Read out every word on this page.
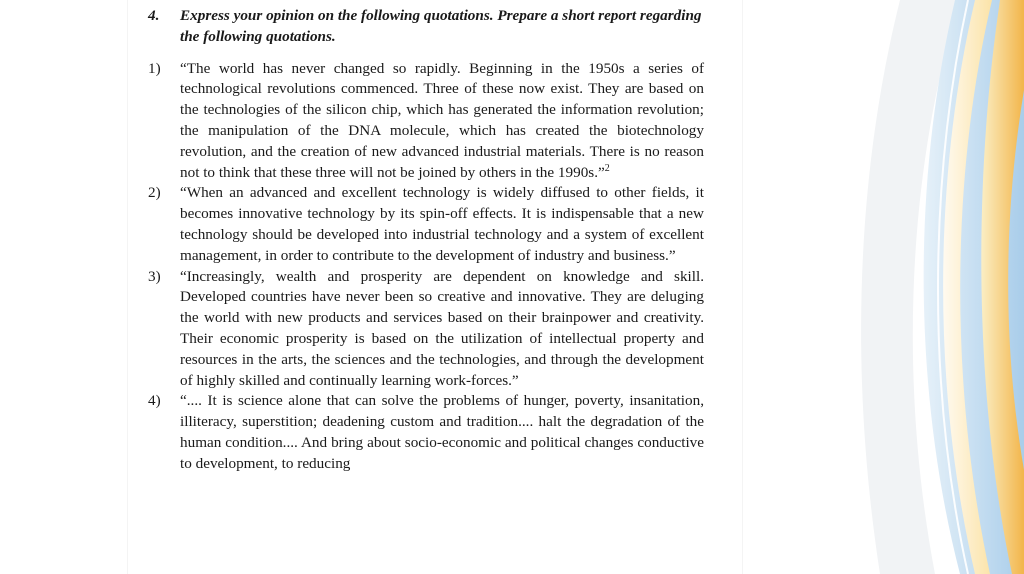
4.	Express your opinion on the following quotations. Prepare a short report regarding the following quotations.
1)	“The world has never changed so rapidly. Beginning in the 1950s a series of technological revolutions commenced. Three of these now exist. They are based on the technologies of the silicon chip, which has generated the information revolution; the manipulation of the DNA molecule, which has created the biotechnology revolution, and the creation of new advanced industrial materials. There is no reason not to think that these three will not be joined by others in the 1990s.”$^2$
2)	“When an advanced and excellent technology is widely diffused to other fields, it becomes innovative technology by its spin-off effects. It is indispensable that a new technology should be developed into industrial technology and a system of excellent management, in order to contribute to the development of industry and business.”
3)	“Increasingly, wealth and prosperity are dependent on knowledge and skill. Developed countries have never been so creative and innovative. They are deluging the world with new products and services based on their brainpower and creativity. Their economic prosperity is based on the utilization of intellectual property and resources in the arts, the sciences and the technologies, and through the development of highly skilled and continually learning work-forces.”
4)	“.... It is science alone that can solve the problems of hunger, poverty, insanitation, illiteracy, superstition; deadening custom and tradition.... halt the degradation of the human condition.... And bring about socio-economic and political changes conductive to development, to reducing
